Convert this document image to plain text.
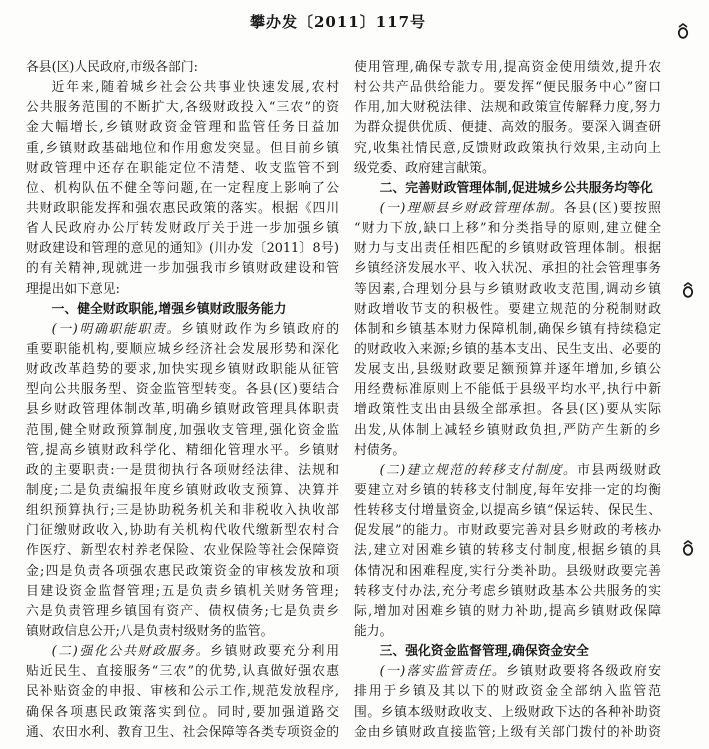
攀办发〔2011〕117号
各县(区)人民政府,市级各部门:
近年来,随着城乡社会公共事业快速发展,农村
公共服务范围的不断扩大,各级财政投入“三农”的资
金大幅增长,乡镇财政资金管理和监管任务日益加
重,乡镇财政基础地位和作用愈发突显。但目前乡镇
财政管理中还存在职能定位不清楚、收支监管不到
位、机构队伍不健全等问题,在一定程度上影响了公
共财政职能发挥和强农惠民政策的落实。根据《四川
省人民政府办公厅转发财政厅关于进一步加强乡镇
财政建设和管理的意见的通知》(川办发〔2011〕8号)
的有关精神,现就进一步加强我市乡镇财政建设和管
理提出如下意见:
一、健全财政职能,增强乡镇财政服务能力
(一)明确职能职责。乡镇财政作为乡镇政府的
重要职能机构,要顺应城乡经济社会发展形势和深化
财政改革趋势的要求,加快实现乡镇财政职能从征管
型向公共服务型、资金监管型转变。各县(区)要结合
县乡财政管理体制改革,明确乡镇财政管理具体职责
范围,健全财政预算制度,加强收支管理,强化资金监
管,提高乡镇财政科学化、精细化管理水平。乡镇财
政的主要职责:一是贯彻执行各项财经法律、法规和
制度;二是负责编报年度乡镇财政收支预算、决算并
组织预算执行;三是协助税务机关和非税收入执收部
门征缴财政收入,协助有关机构代收代缴新型农村合
作医疗、新型农村养老保险、农业保险等社会保障资
金;四是负责各项强农惠民政策资金的审核发放和项
目建设资金监督管理;五是负责乡镇机关财务管理;
六是负责管理乡镇国有资产、债权债务;七是负责乡
镇财政信息公开;八是负责村级财务的监管。
(二)强化公共财政服务。乡镇财政要充分利用
贴近民生、直接服务“三农”的优势,认真做好强农惠
民补贴资金的申报、审核和公示工作,规范发放程序,
确保各项惠民政策落实到位。同时,要加强道路交
通、农田水利、教育卫生、社会保障等各类专项资金的
使用管理,确保专款专用,提高资金使用绩效,提升农
村公共产品供给能力。要发挥“便民服务中心”窗口
作用,加大财税法律、法规和政策宣传解释力度,努力
为群众提供优质、便捷、高效的服务。要深入调查研
究,收集社情民意,反馈财政政策执行效果,主动向上
级党委、政府建言献策。
二、完善财政管理体制,促进城乡公共服务均等化
(一)理顺县乡财政管理体制。各县(区)要按照
“财力下放,缺口上移”和分类指导的原则,建立健全
财力与支出责任相匹配的乡镇财政管理体制。根据
乡镇经济发展水平、收入状况、承担的社会管理事务
等因素,合理划分县与乡镇财政收支范围,调动乡镇
财政增收节支的积极性。要建立规范的分税制财政
体制和乡镇基本财力保障机制,确保乡镇有持续稳定
的财政收入来源;乡镇的基本支出、民生支出、必要的
发展支出,县级财政要足额预算并逐年增加,乡镇公
用经费标准原则上不能低于县级平均水平,执行中新
增政策性支出由县级全部承担。各县(区)要从实际
出发,从体制上减轻乡镇财政负担,严防产生新的乡
村债务。
(二)建立规范的转移支付制度。市县两级财政
要建立对乡镇的转移支付制度,每年安排一定的均衡
性转移支付增量资金,以提高乡镇“保运转、保民生、
促发展”的能力。市财政要完善对县乡财政的考核办
法,建立对困难乡镇的转移支付制度,根据乡镇的具
体情况和困难程度,实行分类补助。县级财政要完善
转移支付办法,充分考虑乡镇财政基本公共服务的实
际,增加对困难乡镇的财力补助,提高乡镇财政保障
能力。
三、强化资金监督管理,确保资金安全
(一)落实监管责任。乡镇财政要将各级政府安
排用于乡镇及其以下的财政资金全部纳入监管范
围。乡镇本级财政收支、上级财政下达的各种补助资
金由乡镇财政直接监管;上级有关部门拨付的补助资
